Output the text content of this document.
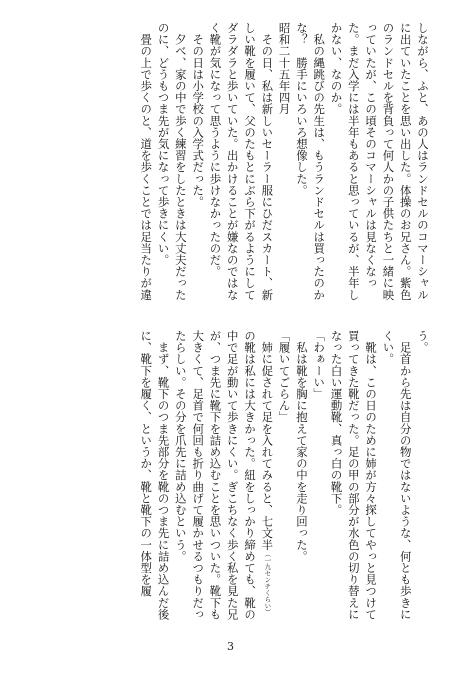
しながら、ふと、あの人はランドセルのコマーシャルに出ていたことを思い出した。体操のお兄さん。紫色のランドセルを背負って何人かの子供たちと一緒に映っていたが、この頃そのコマーシャルは見なくなった。まだ入学には半年もあると思っているが、半年しかない、なのか。

　私の縄跳びの先生は、もうランドセルは買ったのかな？　勝手にいろいろ想像した。

昭和二十五年四月

　その日、私は新しいセーラー服にひだスカート、新しい靴を履いて、父のたもとにぶら下がるようにしてダラダラと歩いていた。出かけることが嫌なのではなく靴が気になって思うように歩けなかったのだ。

　その日は小学校の入学式だった。

　夕べ、家の中で歩く練習をしたときは大丈夫だったのに、どうもつま先が気になって歩きにくい。

　畳の上で歩くのと、道を歩くことでは足当たりが違

う。

　足首から先は自分の物ではないような、何とも歩きにくい。

　靴は、この日のために姉が方々探してやっと見つけて買ってきた靴だった。足の甲の部分が水色の切り替えになった白い運動靴、真っ白の靴下。

「わぁーい」

　私は靴を胸に抱えて家の中を走り回った。

「履いてごらん」

　姉に促されて足を入れてみると、七文半（一九センチくらい）の靴は私には大きかった。紐をしっかり締めても、靴の中で足が動いて歩きにくい。ぎこちなく歩く私を見た兄が、つま先に靴下を詰め込むことを思いついた。靴下も大きくて、足首で何回も折り曲げて履かせるつもりだったらしい。その分を爪先に詰め込むという。

　まず、靴下のつま先部分を靴のつま先に詰め込んだ後に、靴下を履く、というか、靴と靴下の一体型を履

3
